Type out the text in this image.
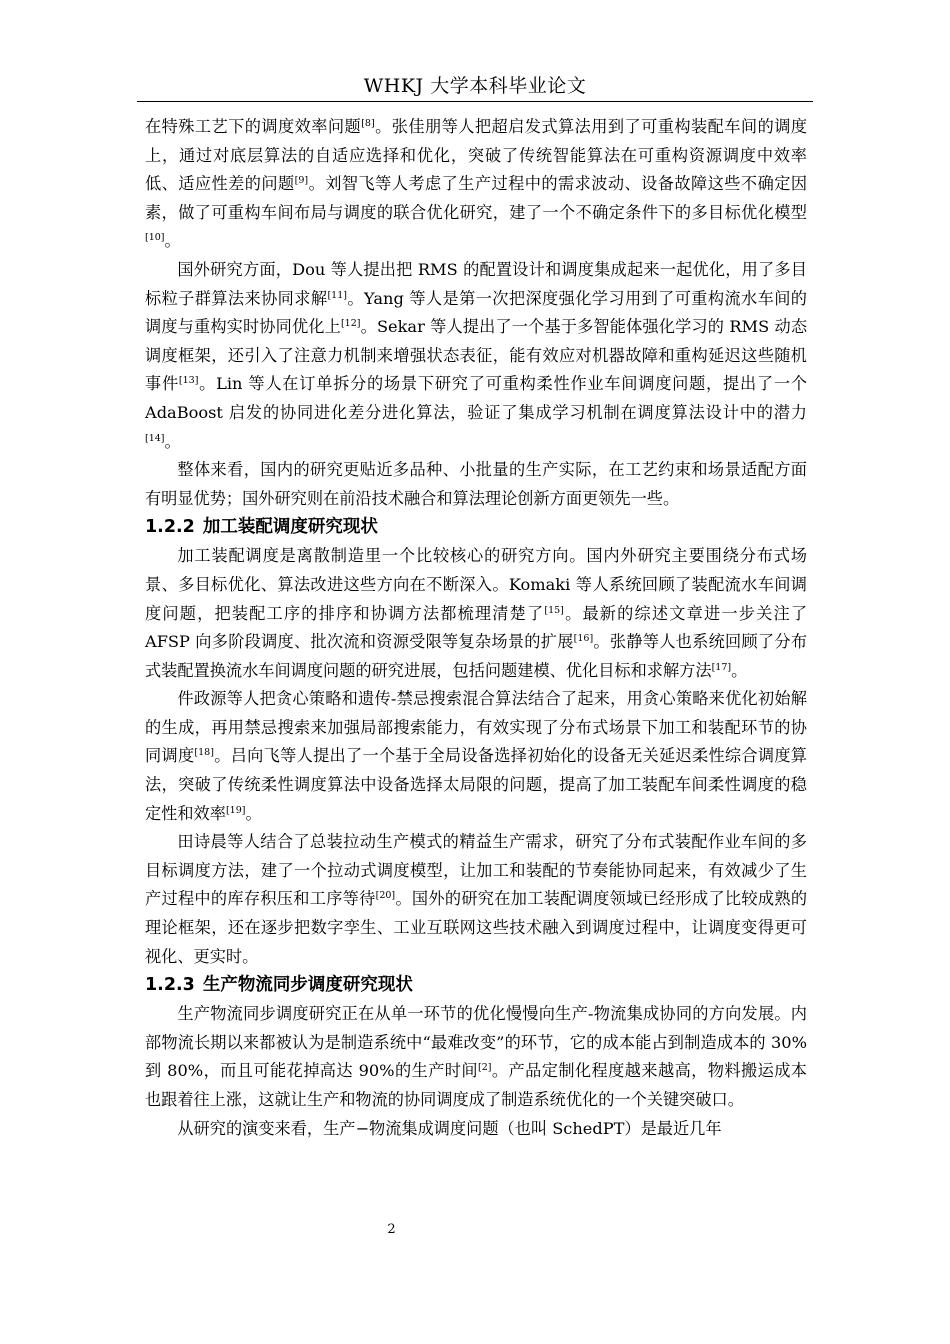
WHKJ 大学本科毕业论文

在特殊工艺下的调度效率问题[8]。张佳朋等人把超启发式算法用到了可重构装配车间的调度上，通过对底层算法的自适应选择和优化，突破了传统智能算法在可重构资源调度中效率低、适应性差的问题[9]。刘智飞等人考虑了生产过程中的需求波动、设备故障这些不确定因素，做了可重构车间布局与调度的联合优化研究，建了一个不确定条件下的多目标优化模型[10]。

国外研究方面，Dou 等人提出把 RMS 的配置设计和调度集成起来一起优化，用了多目标粒子群算法来协同求解[11]。Yang 等人是第一次把深度强化学习用到了可重构流水车间的调度与重构实时协同优化上[12]。Sekar 等人提出了一个基于多智能体强化学习的 RMS 动态调度框架，还引入了注意力机制来增强状态表征，能有效应对机器故障和重构延迟这些随机事件[13]。Lin 等人在订单拆分的场景下研究了可重构柔性作业车间调度问题，提出了一个 AdaBoost 启发的协同进化差分进化算法，验证了集成学习机制在调度算法设计中的潜力[14]。

整体来看，国内的研究更贴近多品种、小批量的生产实际，在工艺约束和场景适配方面有明显优势；国外研究则在前沿技术融合和算法理论创新方面更领先一些。

1.2.2 加工装配调度研究现状

加工装配调度是离散制造里一个比较核心的研究方向。国内外研究主要围绕分布式场景、多目标优化、算法改进这些方向在不断深入。Komaki 等人系统回顾了装配流水车间调度问题，把装配工序的排序和协调方法都梳理清楚了[15]。最新的综述文章进一步关注了 AFSP 向多阶段调度、批次流和资源受限等复杂场景的扩展[16]。张静等人也系统回顾了分布式装配置换流水车间调度问题的研究进展，包括问题建模、优化目标和求解方法[17]。

件政源等人把贪心策略和遗传-禁忌搜索混合算法结合了起来，用贪心策略来优化初始解的生成，再用禁忌搜索来加强局部搜索能力，有效实现了分布式场景下加工和装配环节的协同调度[18]。吕向飞等人提出了一个基于全局设备选择初始化的设备无关延迟柔性综合调度算法，突破了传统柔性调度算法中设备选择太局限的问题，提高了加工装配车间柔性调度的稳定性和效率[19]。

田诗晨等人结合了总装拉动生产模式的精益生产需求，研究了分布式装配作业车间的多目标调度方法，建了一个拉动式调度模型，让加工和装配的节奏能协同起来，有效减少了生产过程中的库存积压和工序等待[20]。国外的研究在加工装配调度领域已经形成了比较成熟的理论框架，还在逐步把数字孪生、工业互联网这些技术融入到调度过程中，让调度变得更可视化、更实时。

1.2.3 生产物流同步调度研究现状

生产物流同步调度研究正在从单一环节的优化慢慢向生产-物流集成协同的方向发展。内部物流长期以来都被认为是制造系统中“最难改变”的环节，它的成本能占到制造成本的 30%到 80%，而且可能花掉高达 90%的生产时间[2]。产品定制化程度越来越高，物料搬运成本也跟着往上涨，这就让生产和物流的协同调度成了制造系统优化的一个关键突破口。

从研究的演变来看，生产−物流集成调度问题（也叫 SchedPT）是最近几年

2
